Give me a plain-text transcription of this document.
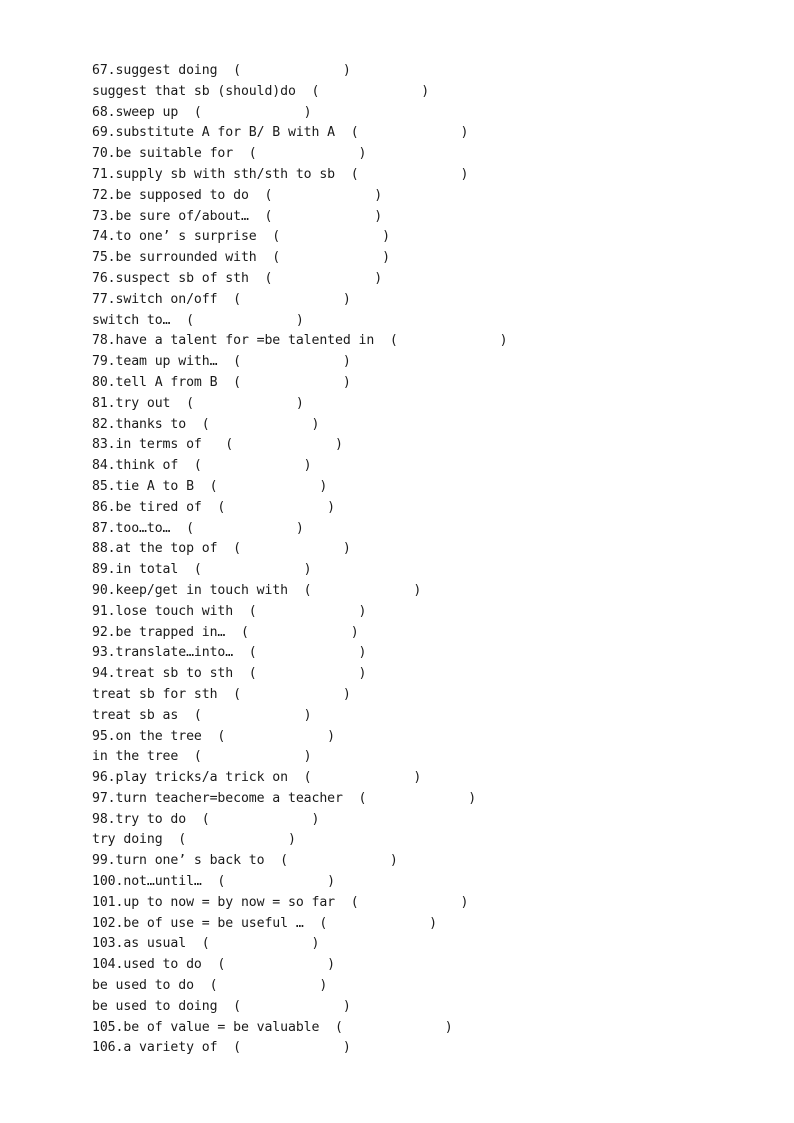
67.suggest doing  (             )
suggest that sb (should)do  (             )
68.sweep up  (             )
69.substitute A for B/ B with A  (             )
70.be suitable for  (             )
71.supply sb with sth/sth to sb  (             )
72.be supposed to do  (             )
73.be sure of/about…  (             )
74.to one’ s surprise  (             )
75.be surrounded with  (             )
76.suspect sb of sth  (             )
77.switch on/off  (             )
switch to…  (             )
78.have a talent for =be talented in  (             )
79.team up with…  (             )
80.tell A from B  (             )
81.try out  (             )
82.thanks to  (             )
83.in terms of   (             )
84.think of  (             )
85.tie A to B  (             )
86.be tired of  (             )
87.too…to…  (             )
88.at the top of  (             )
89.in total  (             )
90.keep/get in touch with  (             )
91.lose touch with  (             )
92.be trapped in…  (             )
93.translate…into…  (             )
94.treat sb to sth  (             )
treat sb for sth  (             )
treat sb as  (             )
95.on the tree  (             )
in the tree  (             )
96.play tricks/a trick on  (             )
97.turn teacher=become a teacher  (             )
98.try to do  (             )
try doing  (             )
99.turn one’ s back to  (             )
100.not…until…  (             )
101.up to now = by now = so far  (             )
102.be of use = be useful …  (             )
103.as usual  (             )
104.used to do  (             )
be used to do  (             )
be used to doing  (             )
105.be of value = be valuable  (             )
106.a variety of  (             )
